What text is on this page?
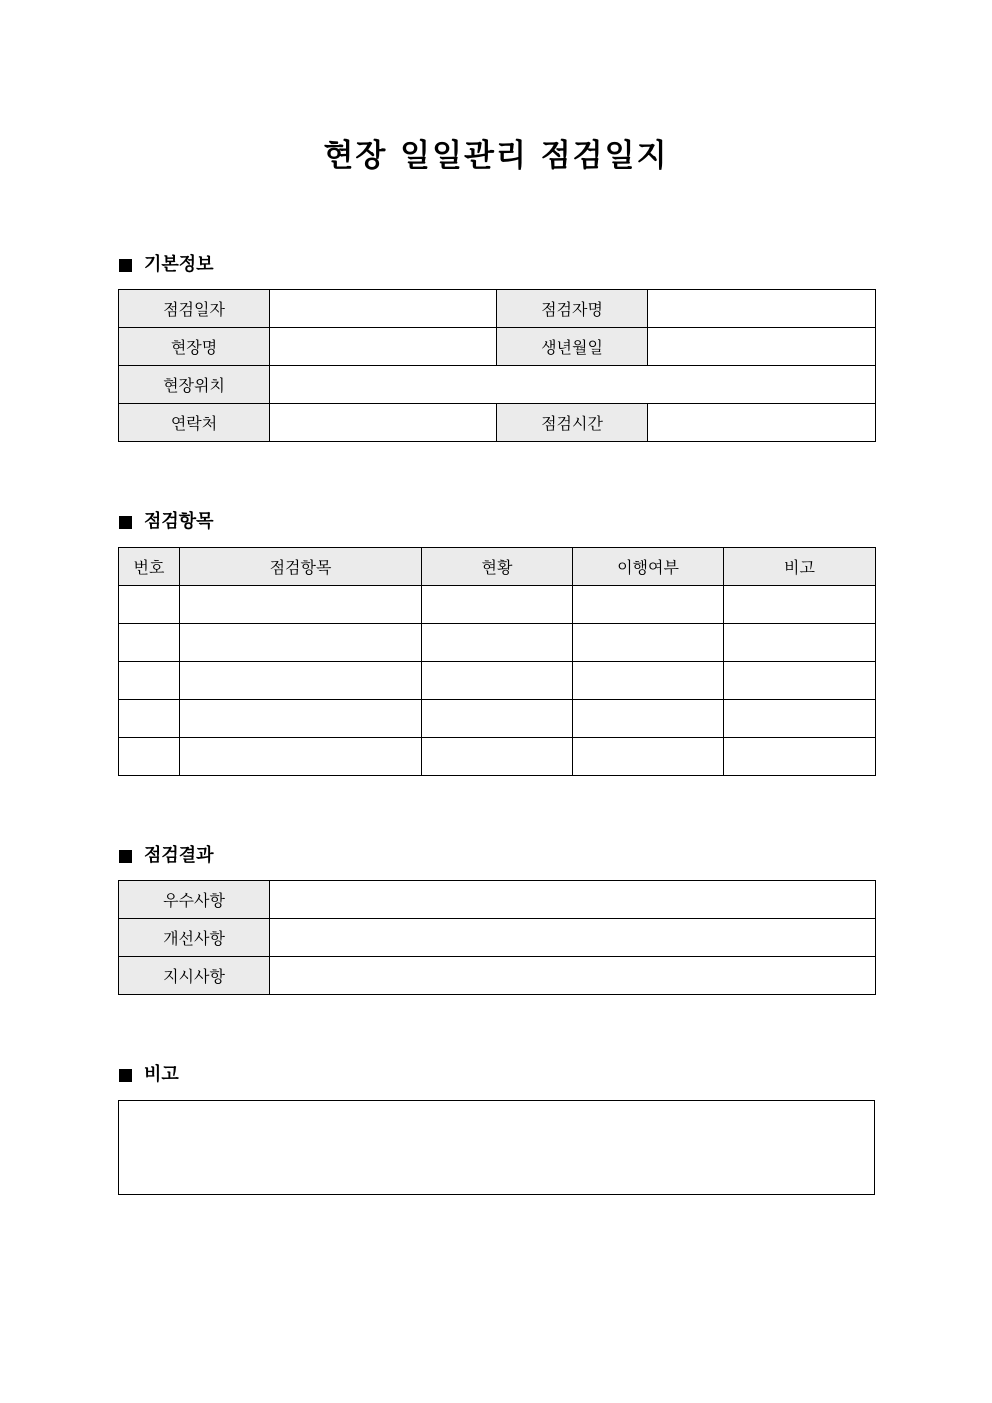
현장 일일관리 점검일지
기본정보
점검일자		점검자명	
현장명		생년월일	
현장위치			
연락처		점검시간	
점검항목
번호	점검항목	현황	이행여부	비고

점검결과
우수사항	
개선사항	
지시사항	
비고
